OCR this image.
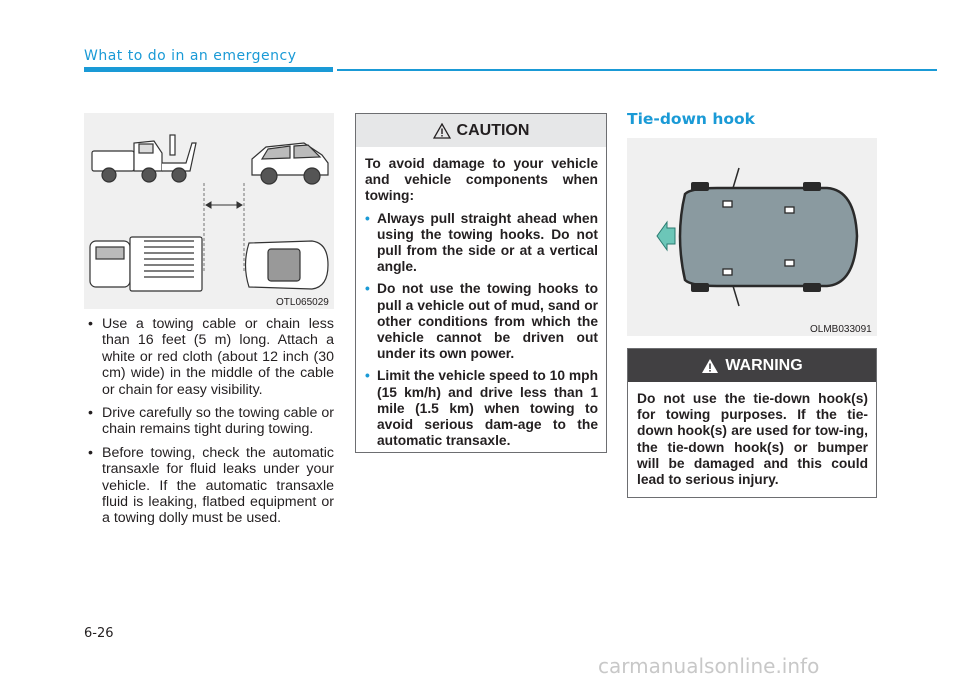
What to do in an emergency
OTL065029
• Use a towing cable or chain less than 16 feet (5 m) long. Attach a white or red cloth (about 12 inch (30 cm) wide) in the middle of the cable or chain for easy visibility.
• Drive carefully so the towing cable or chain remains tight during towing.
• Before towing, check the automatic transaxle for fluid leaks under your vehicle. If the automatic transaxle fluid is leaking, flatbed equipment or a towing dolly must be used.
CAUTION

To avoid damage to your vehicle and vehicle components when towing:

• Always pull straight ahead when using the towing hooks. Do not pull from the side or at a vertical angle.
• Do not use the towing hooks to pull a vehicle out of mud, sand or other conditions from which the vehicle cannot be driven out under its own power.
• Limit the vehicle speed to 10 mph (15 km/h) and drive less than 1 mile (1.5 km) when towing to avoid serious dam-age to the automatic transaxle.
Tie-down hook
OLMB033091
WARNING

Do not use the tie-down hook(s) for towing purposes. If the tie-down hook(s) are used for tow-ing, the tie-down hook(s) or bumper will be damaged and this could lead to serious injury.

6-26
carmanualsonline.info
